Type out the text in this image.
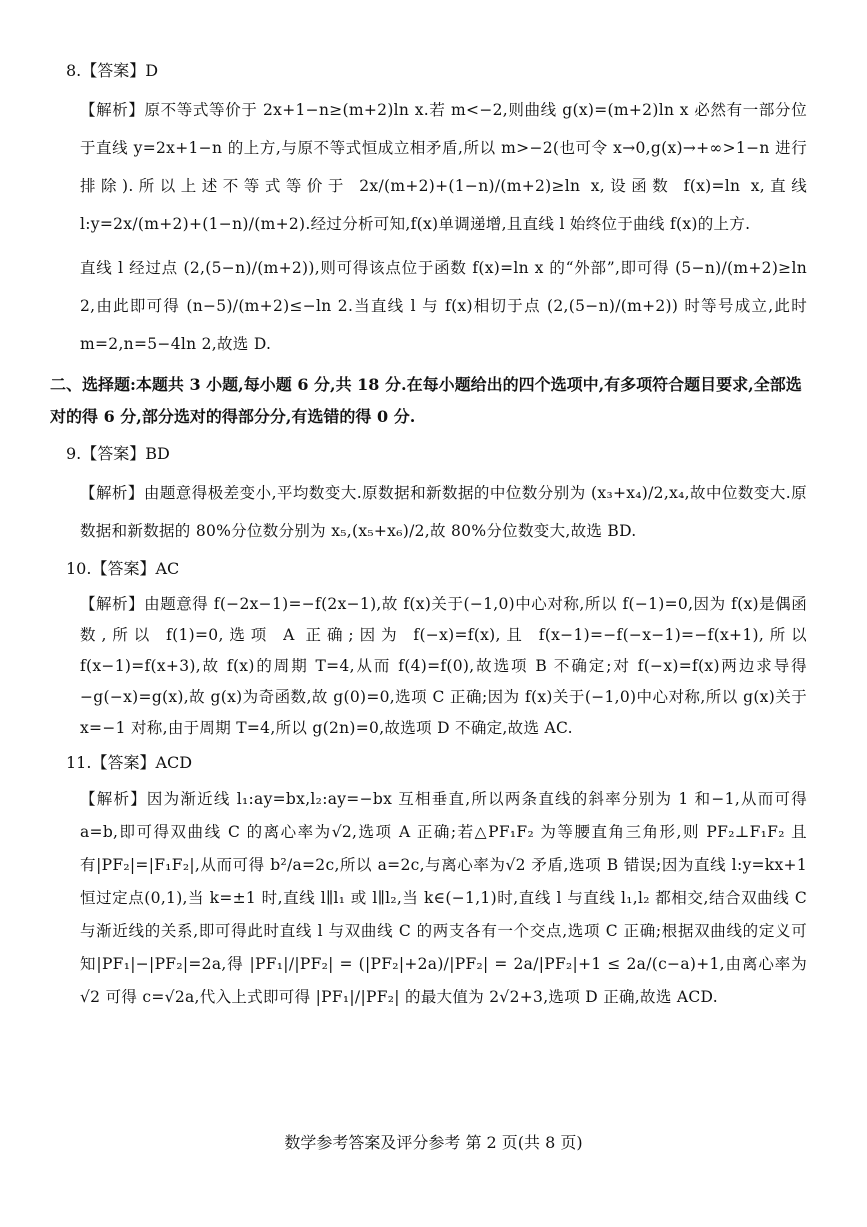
8.【答案】D

【解析】原不等式等价于 2x+1−n≥(m+2)ln x.若 m<−2,则曲线 g(x)=(m+2)ln x 必然有一部分位于直线 y=2x+1−n 的上方,与原不等式恒成立相矛盾,所以 m>−2(也可令 x→0,g(x)→+∞>1−n 进行排除).所以上述不等式等价于 2x/(m+2)+(1−n)/(m+2)≥ln x,设函数 f(x)=ln x,直线 l:y=2x/(m+2)+(1−n)/(m+2).经过分析可知,f(x)单调递增,且直线 l 始终位于曲线 f(x)的上方.

直线 l 经过点 (2,(5−n)/(m+2)),则可得该点位于函数 f(x)=ln x 的“外部”,即可得 (5−n)/(m+2)≥ln 2,由此即可得 (n−5)/(m+2)≤−ln 2.当直线 l 与 f(x)相切于点 (2,(5−n)/(m+2)) 时等号成立,此时 m=2,n=5−4ln 2,故选 D.

二、选择题:本题共 3 小题,每小题 6 分,共 18 分.在每小题给出的四个选项中,有多项符合题目要求,全部选对的得 6 分,部分选对的得部分分,有选错的得 0 分.
9.【答案】BD

【解析】由题意得极差变小,平均数变大.原数据和新数据的中位数分别为 (x₃+x₄)/2,x₄,故中位数变大.原数据和新数据的 80%分位数分别为 x₅,(x₅+x₆)/2,故 80%分位数变大,故选 BD.

10.【答案】AC

【解析】由题意得 f(−2x−1)=−f(2x−1),故 f(x)关于(−1,0)中心对称,所以 f(−1)=0,因为 f(x)是偶函数,所以 f(1)=0,选项 A 正确;因为 f(−x)=f(x),且 f(x−1)=−f(−x−1)=−f(x+1),所以 f(x−1)=f(x+3),故 f(x)的周期 T=4,从而 f(4)=f(0),故选项 B 不确定;对 f(−x)=f(x)两边求导得−g(−x)=g(x),故 g(x)为奇函数,故 g(0)=0,选项 C 正确;因为 f(x)关于(−1,0)中心对称,所以 g(x)关于 x=−1 对称,由于周期 T=4,所以 g(2n)=0,故选项 D 不确定,故选 AC.

11.【答案】ACD

【解析】因为渐近线 l₁:ay=bx,l₂:ay=−bx 互相垂直,所以两条直线的斜率分别为 1 和−1,从而可得 a=b,即可得双曲线 C 的离心率为√2,选项 A 正确;若△PF₁F₂ 为等腰直角三角形,则 PF₂⊥F₁F₂ 且有|PF₂|=|F₁F₂|,从而可得 b²/a=2c,所以 a=2c,与离心率为√2 矛盾,选项 B 错误;因为直线 l:y=kx+1 恒过定点(0,1),当 k=±1 时,直线 l∥l₁ 或 l∥l₂,当 k∈(−1,1)时,直线 l 与直线 l₁,l₂ 都相交,结合双曲线 C 与渐近线的关系,即可得此时直线 l 与双曲线 C 的两支各有一个交点,选项 C 正确;根据双曲线的定义可知|PF₁|−|PF₂|=2a,得 |PF₁|/|PF₂| = (|PF₂|+2a)/|PF₂| = 2a/|PF₂|+1 ≤ 2a/(c−a)+1,由离心率为√2 可得 c=√2a,代入上式即可得 |PF₁|/|PF₂| 的最大值为 2√2+3,选项 D 正确,故选 ACD.

数学参考答案及评分参考 第 2 页(共 8 页)
